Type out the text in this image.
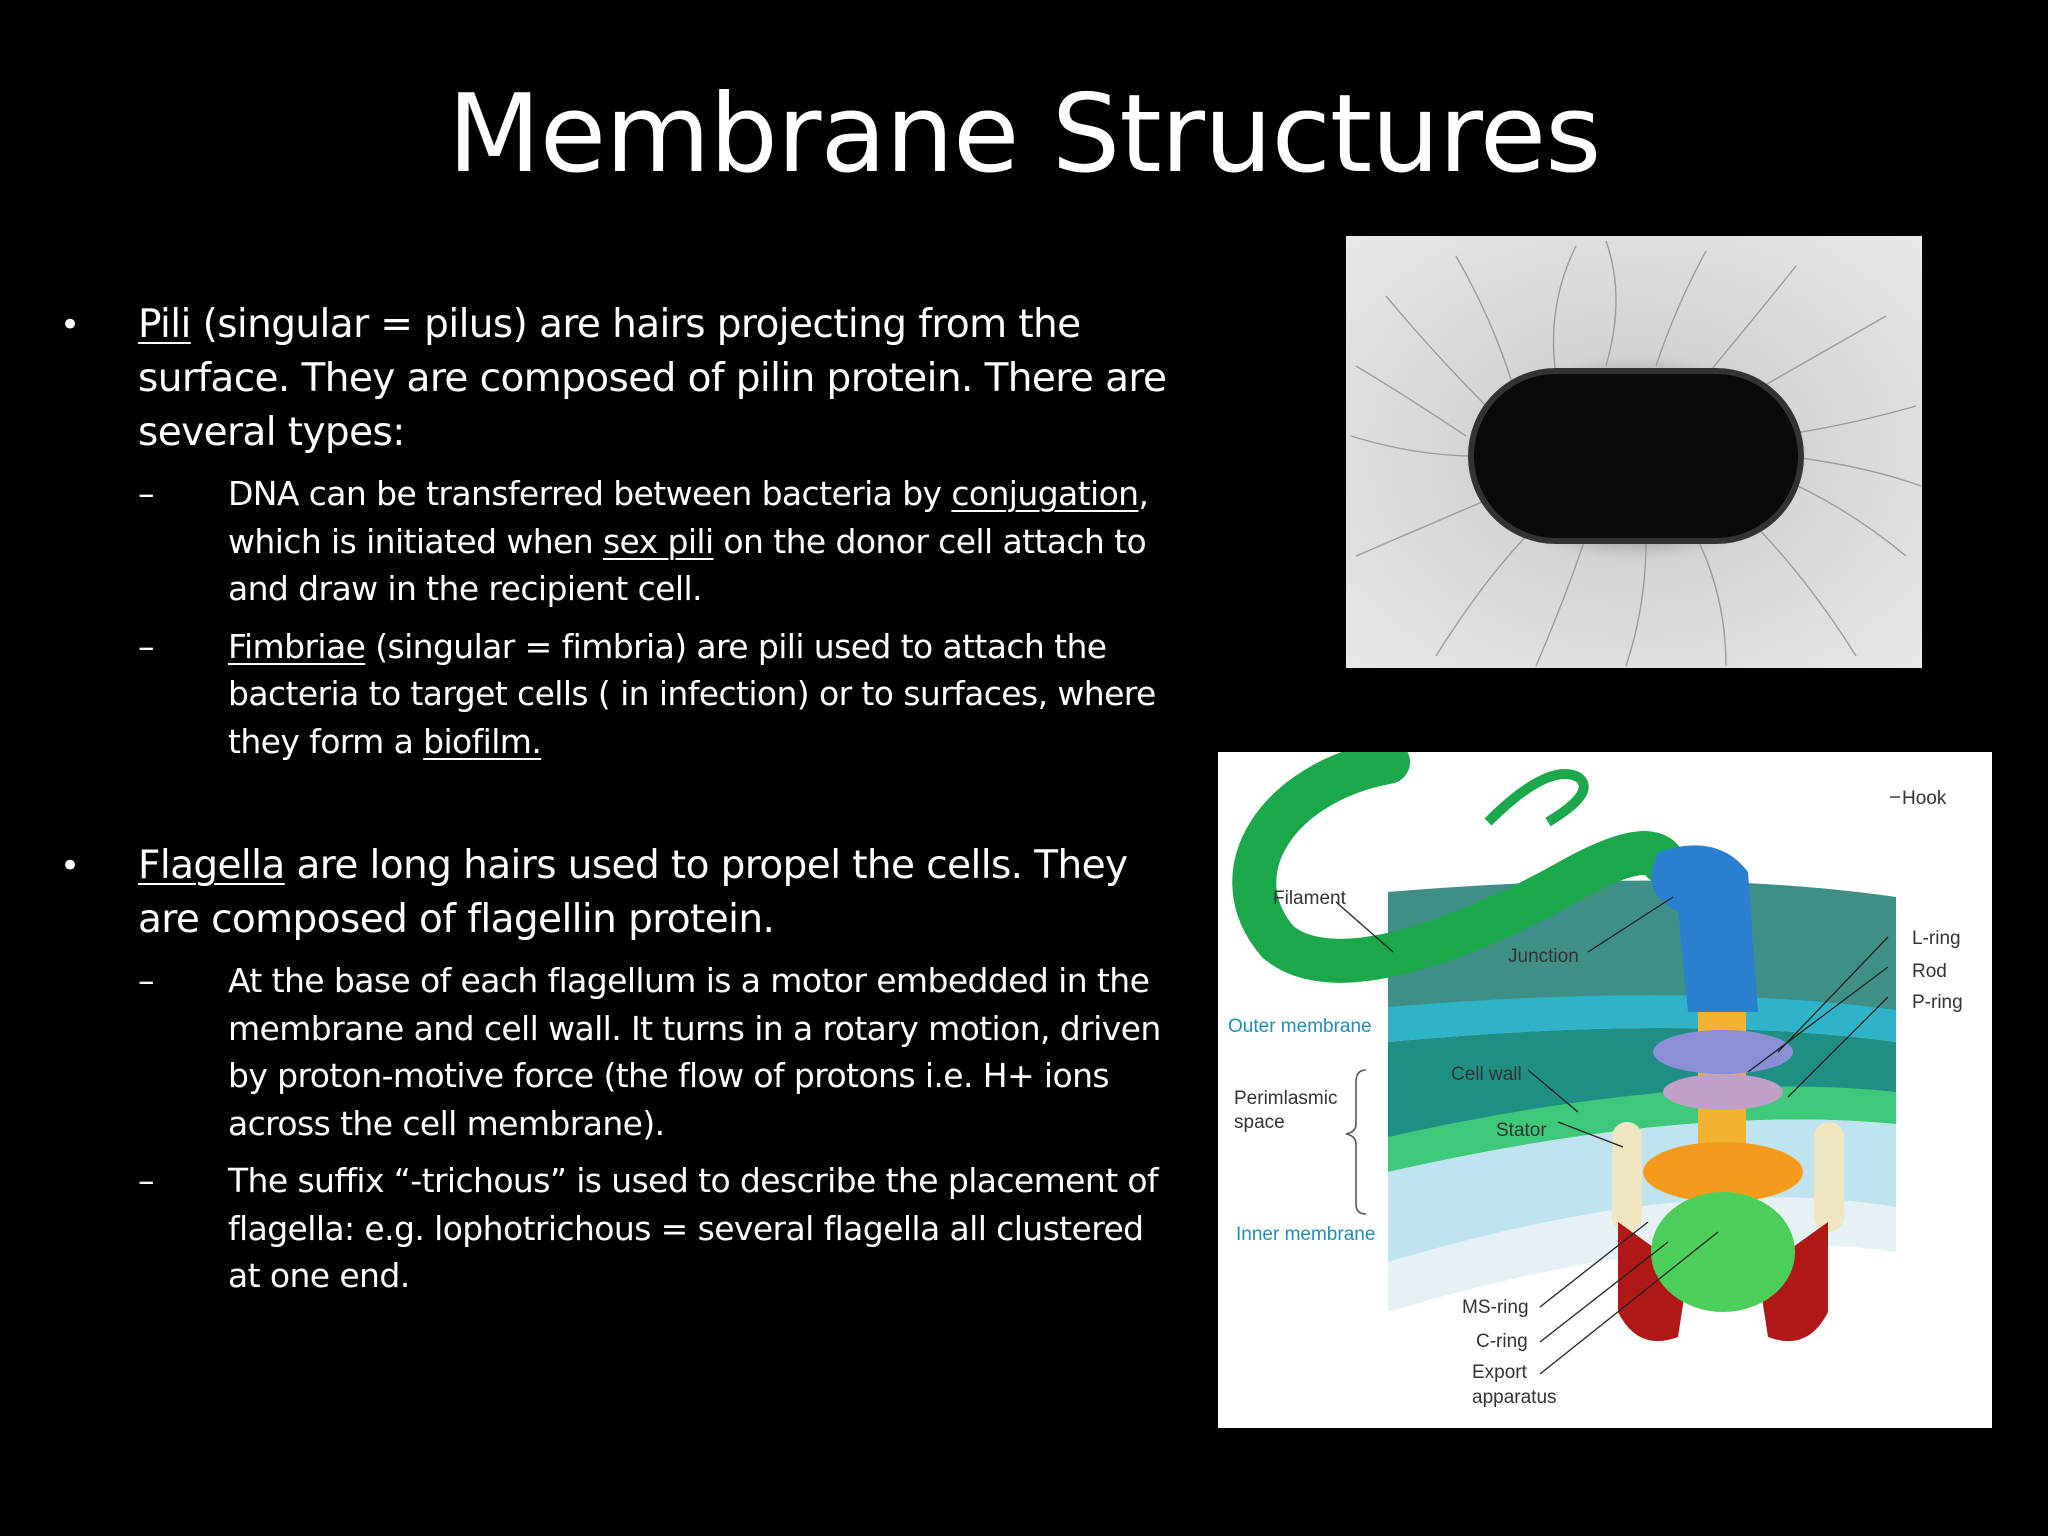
Membrane Structures
• Pili (singular = pilus) are hairs projecting from the surface. They are composed of pilin protein. There are several types:
– DNA can be transferred between bacteria by conjugation, which is initiated when sex pili on the donor cell attach to and draw in the recipient cell.
– Fimbriae (singular = fimbria) are pili used to attach the bacteria to target cells ( in infection) or to surfaces, where they form a biofilm.
• Flagella are long hairs used to propel the cells. They are composed of flagellin protein.
– At the base of each flagellum is a motor embedded in the membrane and cell wall. It turns in a rotary motion, driven by proton-motive force (the flow of protons i.e. H+ ions across the cell membrane).
– The suffix “-trichous” is used to describe the placement of flagella: e.g. lophotrichous = several flagella all clustered at one end.
Hook
Filament
Junction
L-ring
Rod
P-ring
Cell wall
Perimlasmic
space	Stator
MS-ring
C-ring
Export
apparatus
Outer membrane
Inner membrane
